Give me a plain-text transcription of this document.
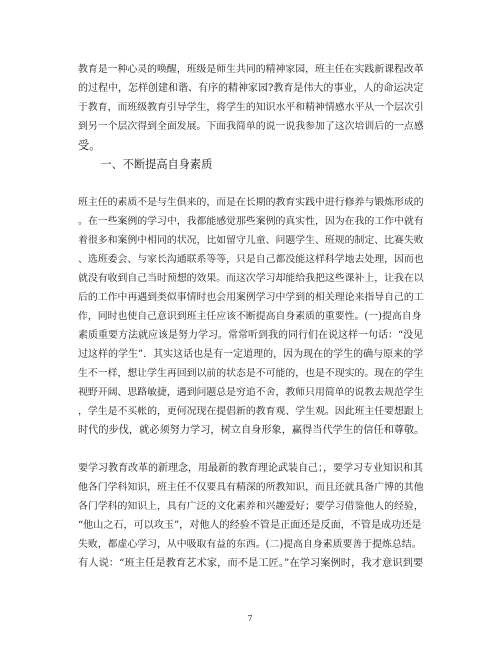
教育是一种心灵的唤醒，班级是师生共同的精神家园，班主任在实践新课程改革
的过程中，怎样创建和谐、有序的精神家园?教育是伟大的事业，人的命运决定
于教育，而班级教育引导学生，将学生的知识水平和精神情感水平从一个层次引
到另一个层次得到全面发展。下面我简单的说一说我参加了这次培训后的一点感
受。
　　一、不断提高自身素质
班主任的素质不是与生俱来的，而是在长期的教育实践中进行修养与锻炼形成的
。在一些案例的学习中，我都能感觉那些案例的真实性，因为在我的工作中就有
着很多和案例中相同的状况，比如留守儿童、问题学生、班规的制定、比赛失败
、选班委会、与家长沟通联系等等，只是自己都没能这样科学地去处理，因而也
就没有收到自己当时预想的效果。而这次学习却能给我把这些课补上，让我在以
后的工作中再遇到类似事情时也会用案例学习中学到的相关理论来指导自己的工
作，同时也使自己意识到班主任应该不断提高自身素质的重要性。(一)提高自身
素质重要方法就应该是努力学习。常常听到我的同行们在说这样一句话：“没见
过这样的学生”．其实这话也是有一定道理的，因为现在的学生的确与原来的学
生不一样，想让学生再回到以前的状态是不可能的，也是不现实的。现在的学生
视野开阔、思路敏捷，遇到问题总是穷追不舍，教师只用简单的说教去规范学生
，学生是不买帐的，更何况现在提倡新的教育观、学生观。因此班主任要想跟上
时代的步伐，就必须努力学习，树立自身形象，赢得当代学生的信任和尊敬。
要学习教育改革的新理念，用最新的教育理论武装自己；，要学习专业知识和其
他各门学科知识，班主任不仅要具有精深的所教知识，而且还就具备广博的其他
各门学科的知识上，具有广泛的文化素养和兴趣爱好；要学习借鉴他人的经验，
“他山之石，可以攻玉”，对他人的经验不管是正面还是反面，不管是成功还是
失败，都虚心学习，从中吸取有益的东西。(二)提高自身素质要善于提炼总结。
有人说：“班主任是教育艺术家，而不是工匠。”在学习案例时，我才意识到要
7
